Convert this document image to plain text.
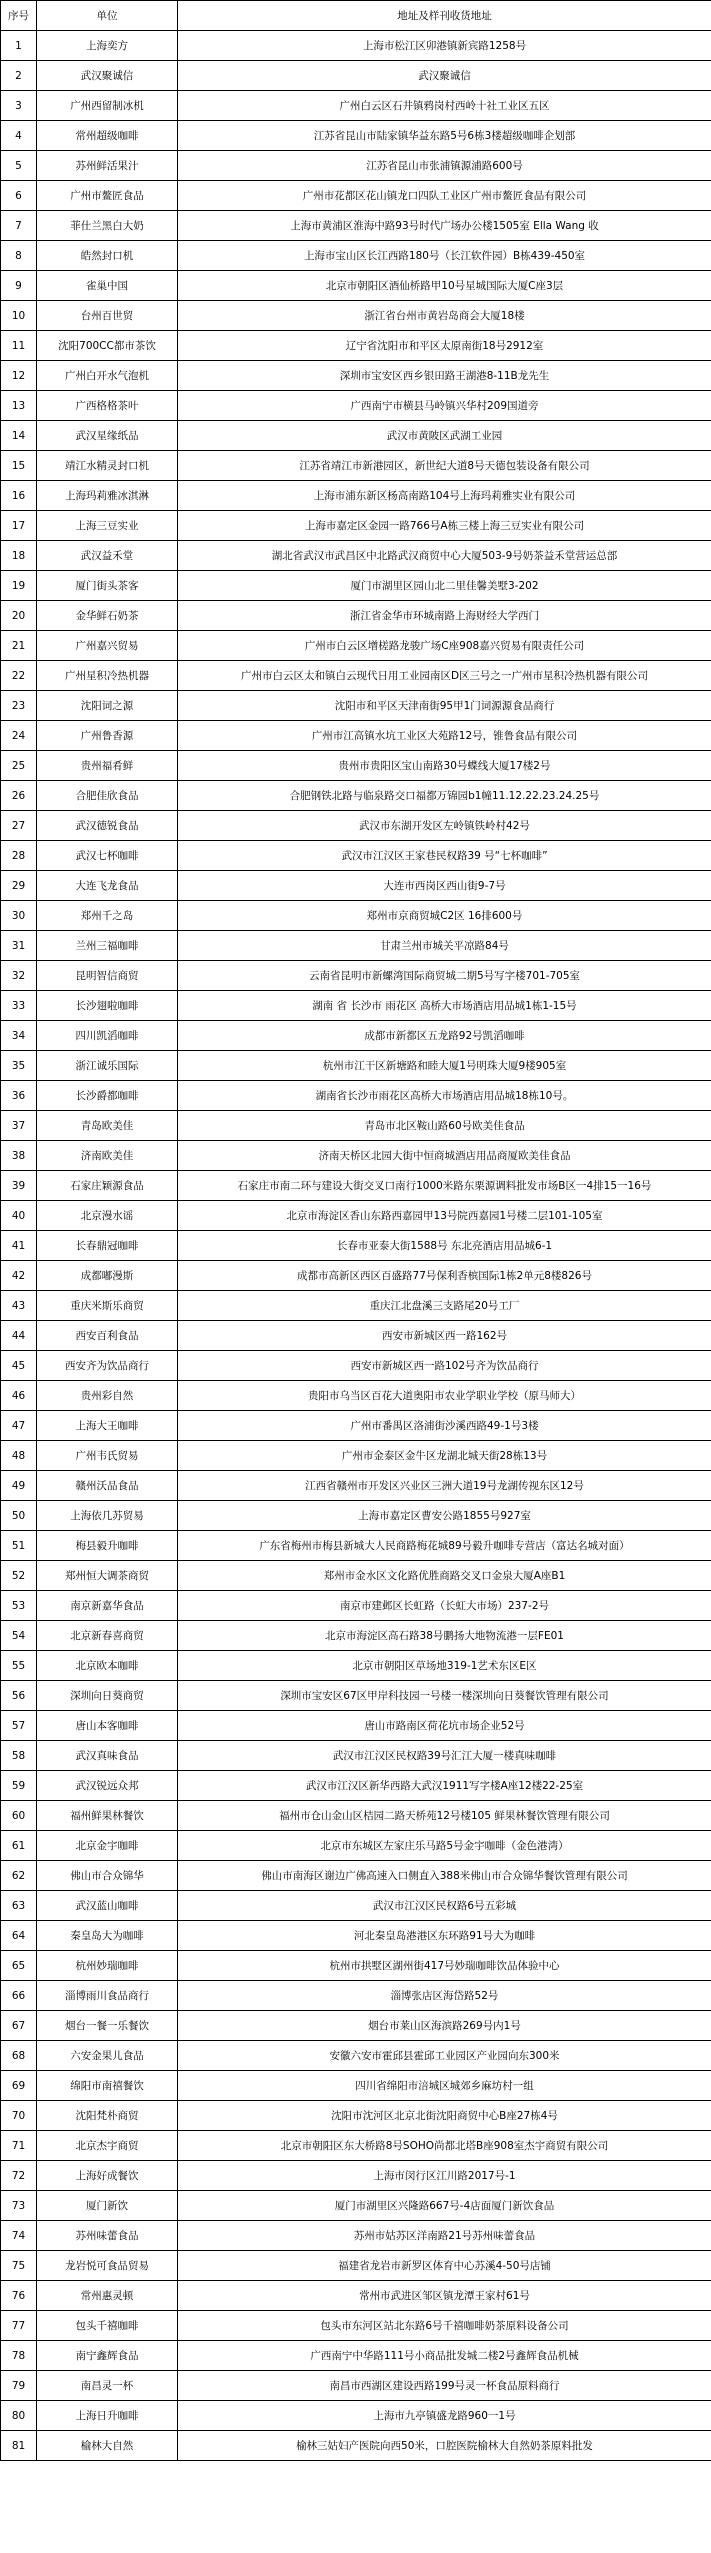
序号	单位	地址及样刊收货地址
1	上海奕方	上海市松江区卯港镇新宾路1258号
2	武汉聚诚信	武汉聚诚信
3	广州西留制冰机	广州白云区石井镇鸦岗村西岭十社工业区五区
4	常州超级咖啡	江苏省昆山市陆家镇华益东路5号6栋3楼超级咖啡企划部
5	苏州鲜活果汁	江苏省昆山市张浦镇源浦路600号
6	广州市鳌匠食品	广州市花都区花山镇龙口四队工业区广州市鳌匠食品有限公司
7	菲仕兰黑白大奶	上海市黄浦区淮海中路93号时代广场办公楼1505室 Ella Wang 收
8	皓然封口机	上海市宝山区长江西路180号（长江软件园）B栋439-450室
9	雀巢中国	北京市朝阳区酒仙桥路甲10号星城国际大厦C座3层
10	台州百世贸	浙江省台州市黄岩岛商会大厦18楼
11	沈阳700CC都市茶饮	辽宁省沈阳市和平区太原南街18号2912室
12	广州白开水气泡机	深圳市宝安区西乡银田路王湖港8-11B龙先生
13	广西格格茶叶	广西南宁市横县马岭镇兴华村209国道旁
14	武汉星缘纸品	武汉市黄陂区武湖工业园
15	靖江水精灵封口机	江苏省靖江市新港园区，新世纪大道8号天德包装设备有限公司
16	上海玛莉雅冰淇淋	上海市浦东新区杨高南路104号上海玛莉雅实业有限公司
17	上海三豆实业	上海市嘉定区金园一路766号A栋三楼上海三豆实业有限公司
18	武汉益禾堂	湖北省武汉市武昌区中北路武汉商贸中心大厦503-9号奶茶益禾堂营运总部
19	厦门街头茶客	厦门市湖里区园山北二里佳馨美墅3-202
20	金华鲜石奶茶	浙江省金华市环城南路上海财经大学西门
21	广州嘉兴贸易	广州市白云区增槎路龙骏广场C座908嘉兴贸易有限责任公司
22	广州星积冷热机器	广州市白云区太和镇白云现代日用工业园南区D区三号之一广州市星积冷热机器有限公司
23	沈阳词之源	沈阳市和平区天津南街95甲1门词源源食品商行
24	广州鲁香源	广州市江高镇水坑工业区大苑路12号，锥鲁食品有限公司
25	贵州福肴鲜	贵州市贵阳区宝山南路30号蝶线大厦17楼2号
26	合肥佳欣食品	合肥钢铁北路与临泉路交口福都万锦园b1幢11.12.22.23.24.25号
27	武汉德锐食品	武汉市东湖开发区左岭镇铁岭村42号
28	武汉七杯咖啡	武汉市江汉区王家巷民权路39 号“七杯咖啡”
29	大连飞龙食品	大连市西岗区西山街9-7号
30	郑州千之岛	郑州市京商贸城C2区 16排600号
31	兰州三福咖啡	甘肃兰州市城关平凉路84号
32	昆明智信商贸	云南省昆明市新螺湾国际商贸城二期5号写字楼701-705室
33	长沙翅啦咖啡	湖南 省 长沙市 雨花区 高桥大市场酒店用品城1栋1-15号
34	四川凯滔咖啡	成都市新都区五龙路92号凯滔咖啡
35	浙江诚乐国际	杭州市江干区新塘路和睦大厦1号明珠大厦9楼905室
36	长沙爵都咖啡	湖南省长沙市雨花区高桥大市场酒店用品城18栋10号。
37	青岛欧美佳	青岛市北区鞍山路60号欧美佳食品
38	济南欧美佳	济南天桥区北园大街中恒商城酒店用品商厦欧美佳食品
39	石家庄颖源食品	石家庄市南二环与建设大街交叉口南行1000米路东栗源调料批发市场B区一4排15一16号
40	北京漫水谣	北京市海淀区香山东路西嘉园甲13号院西嘉园1号楼二层101-105室
41	长春鼎冠咖啡	长春市亚泰大街1588号 东北亮酒店用品城6-1
42	成都嘟漫斯	成都市高新区西区百盛路77号保利香槟国际1栋2单元8楼826号
43	重庆米斯乐商贸	重庆江北盘溪三支路尾20号工厂
44	西安百利食品	西安市新城区西一路162号
45	西安齐为饮品商行	西安市新城区西一路102号齐为饮品商行
46	贵州彩自然	贵阳市乌当区百花大道奥阳市农业学职业学校（原马师大）
47	上海大王咖啡	广州市番禺区洛浦街沙溪西路49-1号3楼
48	广州韦氏贸易	广州市金泰区金牛区龙湖北城天街28栋13号
49	赣州沃品食品	江西省赣州市开发区兴业区三洲大道19号龙湖传视东区12号
50	上海依几苏贸易	上海市嘉定区曹安公路1855号927室
51	梅县毅升咖啡	广东省梅州市梅县新城大人民商路梅花城89号毅升咖啡专营店（富达名城对面）
52	郑州恒大调茶商贸	郑州市金水区文化路优胜商路交叉口金泉大厦A座B1
53	南京新嘉华食品	南京市建邺区长虹路（长虹大市场）237-2号
54	北京新春喜商贸	北京市海淀区高石路38号鹏扬大地物流港一层FE01
55	北京欧本咖啡	北京市朝阳区草场地319-1艺术东区E区
56	深圳向日葵商贸	深圳市宝安区67区甲岸科技园一号楼一楼深圳向日葵餐饮管理有限公司
57	唐山本客咖啡	唐山市路南区荷花坑市场企业52号
58	武汉真味食品	武汉市江汉区民权路39号汇江大厦一楼真味咖啡
59	武汉锐远众邦	武汉市江汉区新华西路大武汉1911写字楼A座12楼22-25室
60	福州鲜果林餐饮	福州市仓山金山区桔园二路天桥苑12号楼105 鲜果林餐饮管理有限公司
61	北京金宇咖啡	北京市东城区左家庄乐马路5号金宇咖啡（金色港湾）
62	佛山市合众锦华	佛山市南海区谢边广佛高速入口侧直入388米佛山市合众锦华餐饮管理有限公司
63	武汉蓝山咖啡	武汉市江汉区民权路6号五彩城
64	秦皇岛大为咖啡	河北秦皇岛港港区东环路91号大为咖啡
65	杭州妙瑞咖啡	杭州市拱墅区湖州街417号妙瑞咖啡饮品体验中心
66	淄博雨川食品商行	淄博张店区海岱路52号
67	烟台一餐一乐餐饮	烟台市莱山区海滨路269号内1号
68	六安金果儿食品	安徽六安市霍邱县霍邱工业园区产业园向东300米
69	绵阳市南禧餐饮	四川省绵阳市涪城区城郊乡麻坊村一组
70	沈阳梵朴商贸	沈阳市沈河区北京北街沈阳商贸中心B座27栋4号
71	北京杰宇商贸	北京市朝阳区东大桥路8号SOHO尚都北塔B座908室杰宇商贸有限公司
72	上海好成餐饮	上海市闵行区江川路2017号-1
73	厦门新饮	厦门市湖里区兴隆路667号-4店面厦门新饮食品
74	苏州味蕾食品	苏州市姑苏区洋南路21号苏州味蕾食品
75	龙岩悦可食品贸易	福建省龙岩市新罗区体育中心苏溪4-50号店铺
76	常州惠灵顿	常州市武进区邹区镇龙潭王家村61号
77	包头千禧咖啡	包头市东河区站北东路6号千禧咖啡奶茶原料设备公司
78	南宁鑫辉食品	广西南宁中华路111号小商品批发城二楼2号鑫辉食品机械
79	南昌灵一杯	南昌市西湖区建设西路199号灵一杯食品原料商行
80	上海日升咖啡	上海市九亭镇盛龙路960一1号
81	榆林大自然	榆林三姑妇产医院向西50米，口腔医院榆林大自然奶茶原料批发
